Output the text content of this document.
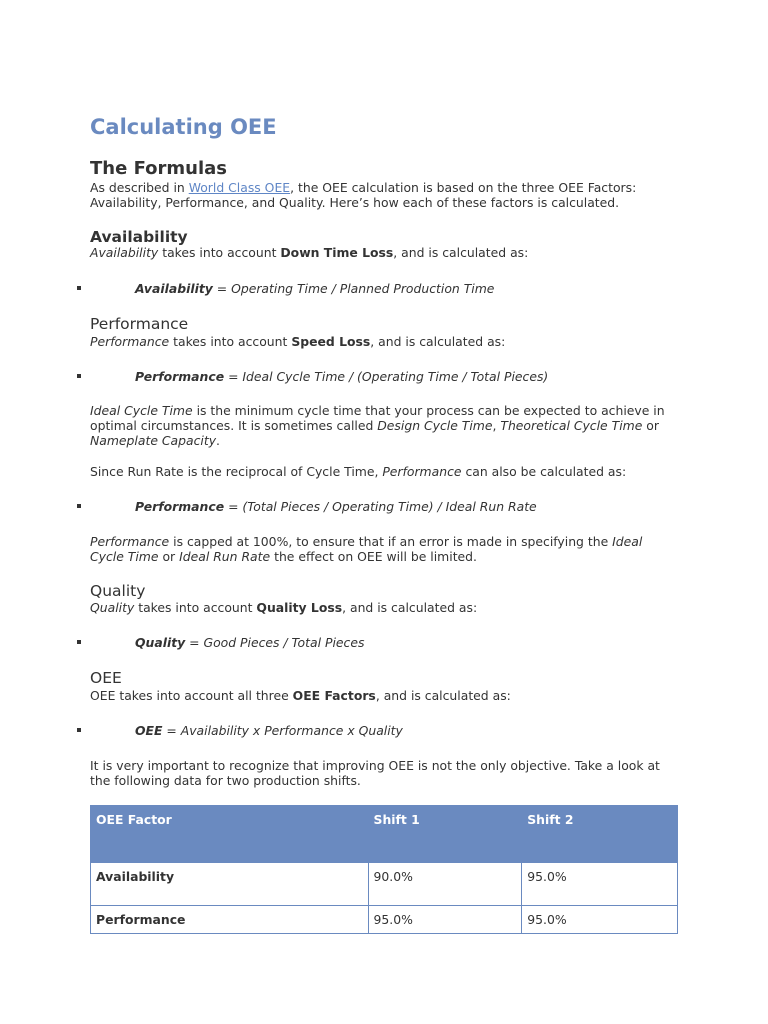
Calculating OEE
The Formulas

As described in World Class OEE, the OEE calculation is based on the three OEE Factors: Availability, Performance, and Quality. Here’s how each of these factors is calculated.

Availability

Availability takes into account Down Time Loss, and is calculated as:

Availability = Operating Time / Planned Production Time
Performance

Performance takes into account Speed Loss, and is calculated as:

Performance = Ideal Cycle Time / (Operating Time / Total Pieces)

Ideal Cycle Time is the minimum cycle time that your process can be expected to achieve in optimal circumstances. It is sometimes called Design Cycle Time, Theoretical Cycle Time or Nameplate Capacity.

Since Run Rate is the reciprocal of Cycle Time, Performance can also be calculated as:

Performance = (Total Pieces / Operating Time) / Ideal Run Rate

Performance is capped at 100%, to ensure that if an error is made in specifying the Ideal Cycle Time or Ideal Run Rate the effect on OEE will be limited.

Quality

Quality takes into account Quality Loss, and is calculated as:

Quality = Good Pieces / Total Pieces
OEE

OEE takes into account all three OEE Factors, and is calculated as:

OEE = Availability x Performance x Quality

It is very important to recognize that improving OEE is not the only objective. Take a look at the following data for two production shifts.

OEE Factor	Shift 1	Shift 2
Availability	90.0%	95.0%
Performance	95.0%	95.0%
